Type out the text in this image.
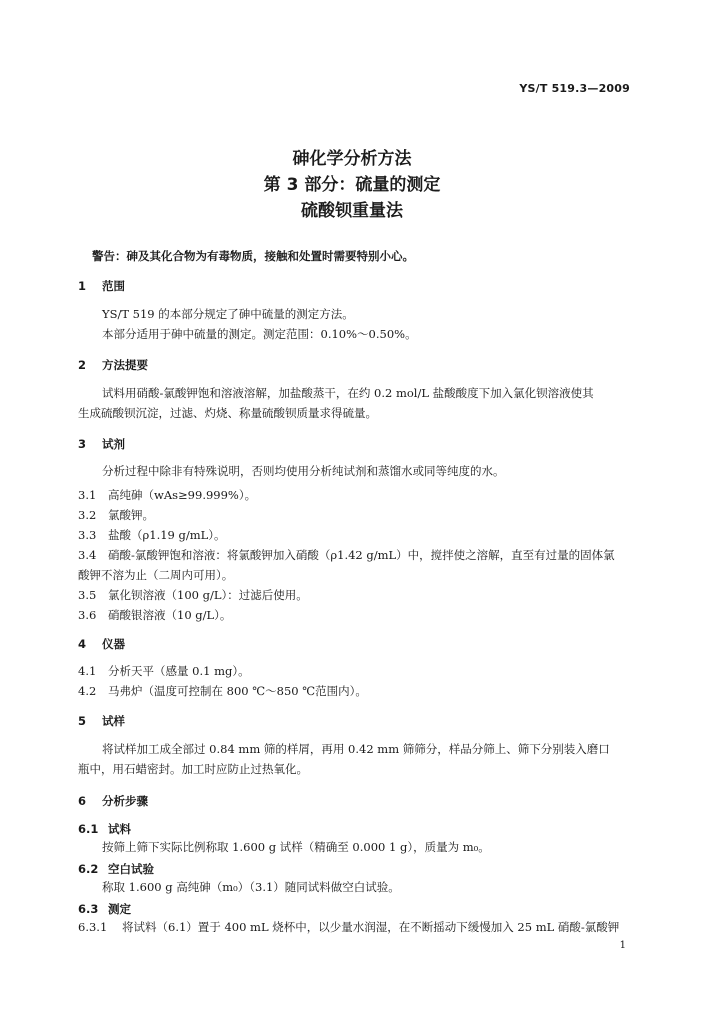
YS/T 519.3—2009
砷化学分析方法
第 3 部分：硫量的测定
硫酸钡重量法
警告：砷及其化合物为有毒物质，接触和处置时需要特别小心。
1 范围
YS/T 519 的本部分规定了砷中硫量的测定方法。
本部分适用于砷中硫量的测定。测定范围：0.10%～0.50%。
2 方法提要
试料用硝酸-氯酸钾饱和溶液溶解，加盐酸蒸干，在约 0.2 mol/L 盐酸酸度下加入氯化钡溶液使其
生成硫酸钡沉淀，过滤、灼烧、称量硫酸钡质量求得硫量。
3 试剂
分析过程中除非有特殊说明，否则均使用分析纯试剂和蒸馏水或同等纯度的水。
3.1 高纯砷（wAs≥99.999%）。
3.2 氯酸钾。
3.3 盐酸（ρ1.19 g/mL）。
3.4 硝酸-氯酸钾饱和溶液：将氯酸钾加入硝酸（ρ1.42 g/mL）中，搅拌使之溶解，直至有过量的固体氯
酸钾不溶为止（二周内可用）。
3.5 氯化钡溶液（100 g/L）：过滤后使用。
3.6 硝酸银溶液（10 g/L）。
4 仪器
4.1 分析天平（感量 0.1 mg）。
4.2 马弗炉（温度可控制在 800 ℃～850 ℃范围内）。
5 试样
将试样加工成全部过 0.84 mm 筛的样屑，再用 0.42 mm 筛筛分，样品分筛上、筛下分别装入磨口
瓶中，用石蜡密封。加工时应防止过热氧化。
6 分析步骤
6.1 试料
按筛上筛下实际比例称取 1.600 g 试样（精确至 0.000 1 g），质量为 m₀。
6.2 空白试验
称取 1.600 g 高纯砷（m₀）（3.1）随同试料做空白试验。
6.3 测定
6.3.1 将试料（6.1）置于 400 mL 烧杯中，以少量水润湿，在不断摇动下缓慢加入 25 mL 硝酸-氯酸钾
1
